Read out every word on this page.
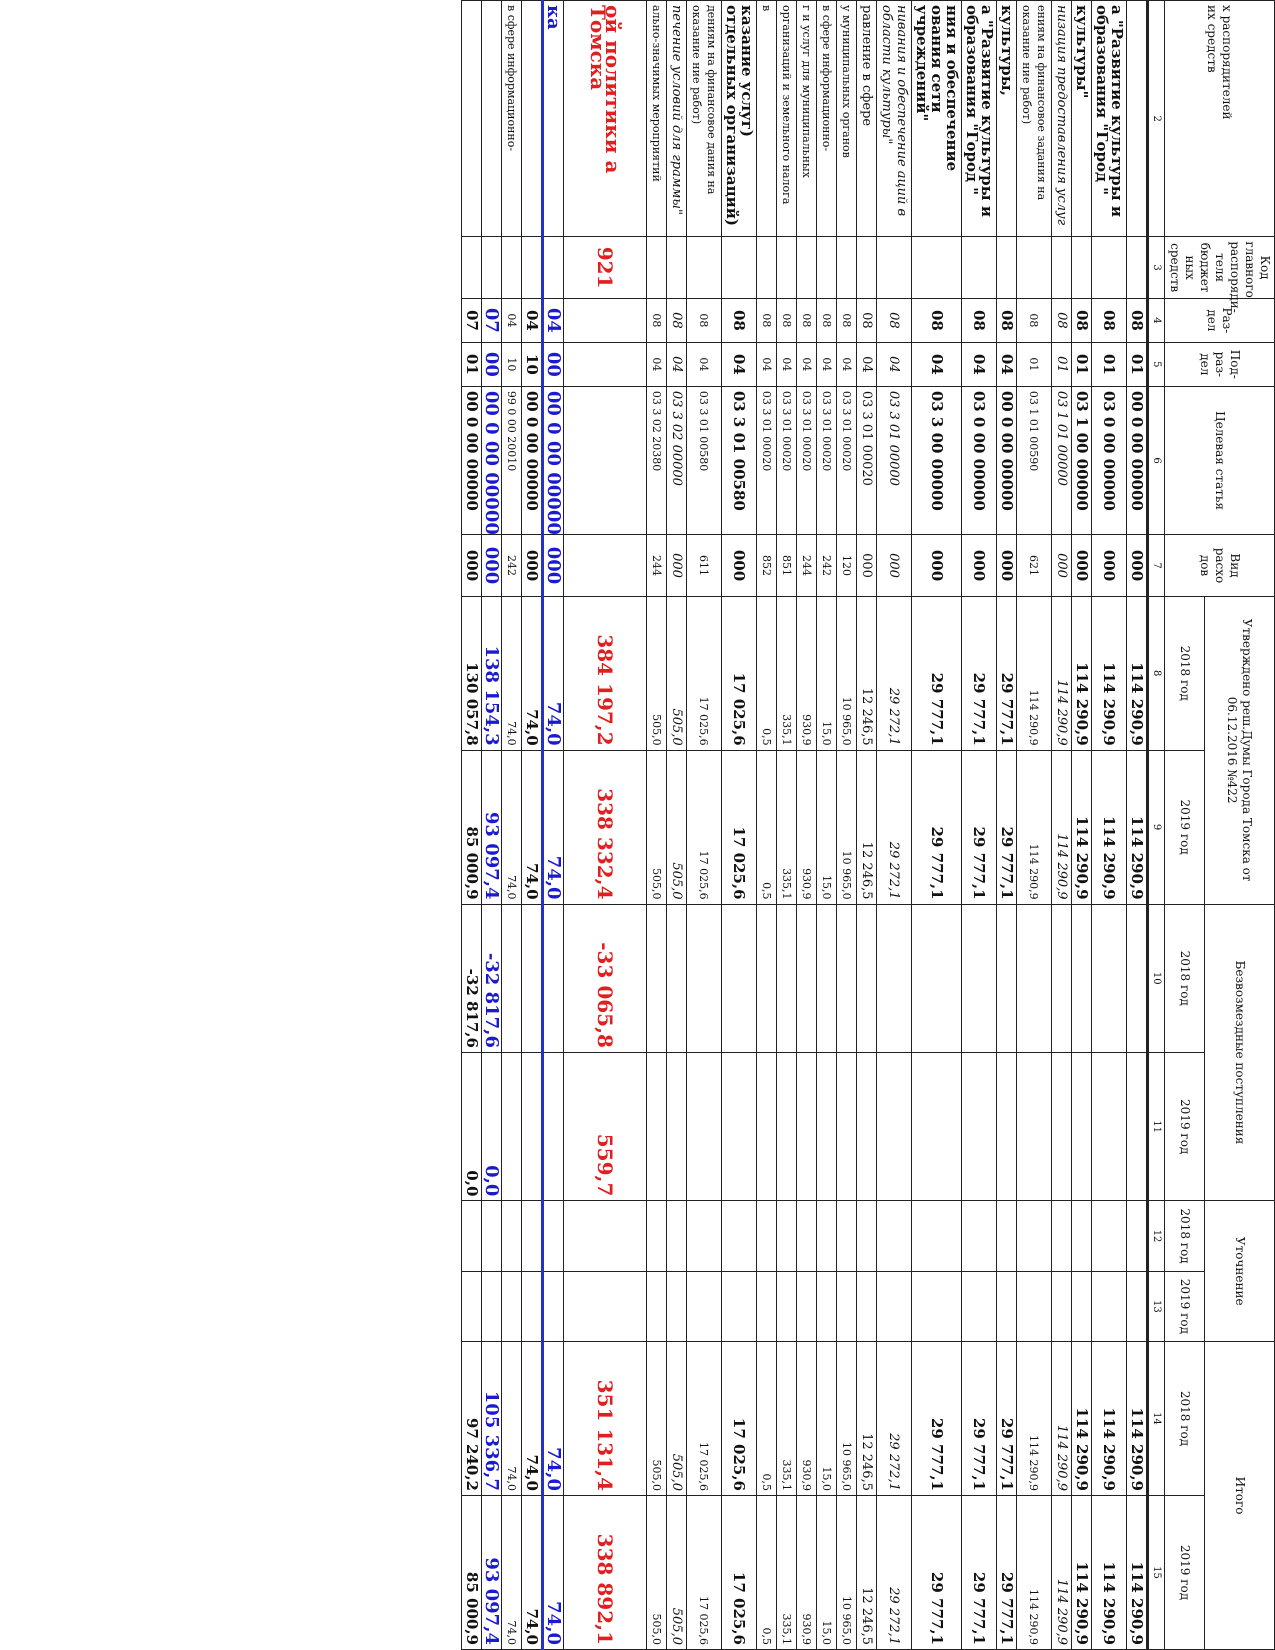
х распорядителей
их средств	Код главного распоряди-теля бюджет ных средств	Раз-дел	Под-раз-дел	Целевая статья	Вид расхо дов	Утверждено реш.Думы Города Томска от 06.12.2016 №422		Безвозмездные поступления		Уточнение		Итого	
						2018 год	2019 год	2018 год	2019 год	2018 год	2019 год	2018 год	2019 год
2	3	4	5	6	7	8	9	10	11	12	13	14	15
		08	01	00 0 00 00000	000	114 290,9	114 290,9					114 290,9	114 290,9
а "Развитие культуры и образования "Город "		08	01	03 0 00 00000	000	114 290,9	114 290,9					114 290,9	114 290,9
культуры"		08	01	03 1 00 00000	000	114 290,9	114 290,9					114 290,9	114 290,9
низация предоставления услуг		08	01	03 1 01 00000	000	114 290,9	114 290,9					114 290,9	114 290,9
ениям на финансовое задания на оказание ние работ)		08	01	03 1 01 00590	621	114 290,9	114 290,9					114 290,9	114 290,9
культуры,		08	04	00 0 00 00000	000	29 777,1	29 777,1					29 777,1	29 777,1
а "Развитие культуры и образования "Город "		08	04	03 0 00 00000	000	29 777,1	29 777,1					29 777,1	29 777,1
ния и обеспечение ования сети учреждений"		08	04	03 3 00 00000	000	29 777,1	29 777,1					29 777,1	29 777,1
нивания и обеспечение аций в области культуры"		08	04	03 3 01 00000	000	29 272,1	29 272,1					29 272,1	29 272,1
равление в сфере		08	04	03 3 01 00020	000	12 246,5	12 246,5					12 246,5	12 246,5
у муниципальных органов		08	04	03 3 01 00020	120	10 965,0	10 965,0					10 965,0	10 965,0
в сфере информационно-		08	04	03 3 01 00020	242	15,0	15,0					15,0	15,0
г и услуг для муниципальных		08	04	03 3 01 00020	244	930,9	930,9					930,9	930,9
организаций и земельного налога		08	04	03 3 01 00020	851	335,1	335,1					335,1	335,1
в		08	04	03 3 01 00020	852	0,5	0,5					0,5	0,5
казание услуг) отдельных организаций)		08	04	03 3 01 00580	000	17 025,6	17 025,6					17 025,6	17 025,6
дениям на финансовое дания на оказание ние работ)		08	04	03 3 01 00580	611	17 025,6	17 025,6					17 025,6	17 025,6
печение условий для граммы"		08	04	03 3 02 00000	000	505,0	505,0					505,0	505,0
ально-значимых мероприятий		08	04	03 3 02 20380	244	505,0	505,0					505,0	505,0
ой политики а Томска	921					384 197,2	338 332,4	-33 065,8	559,7			351 131,4	338 892,1
ка		04	00	00 0 00 00000	000	74,0	74,0					74,0	74,0
		04	10	00 0 00 00000	000	74,0	74,0					74,0	74,0
в сфере информационно-		04	10	99 0 00 20010	242	74,0	74,0					74,0	74,0
		07	00	00 0 00 00000	000	138 154,3	93 097,4	-32 817,6	0,0			105 336,7	93 097,4
		07	01	00 0 00 00000	000	130 057,8	85 000,9	-32 817,6	0,0			97 240,2	85 000,9
